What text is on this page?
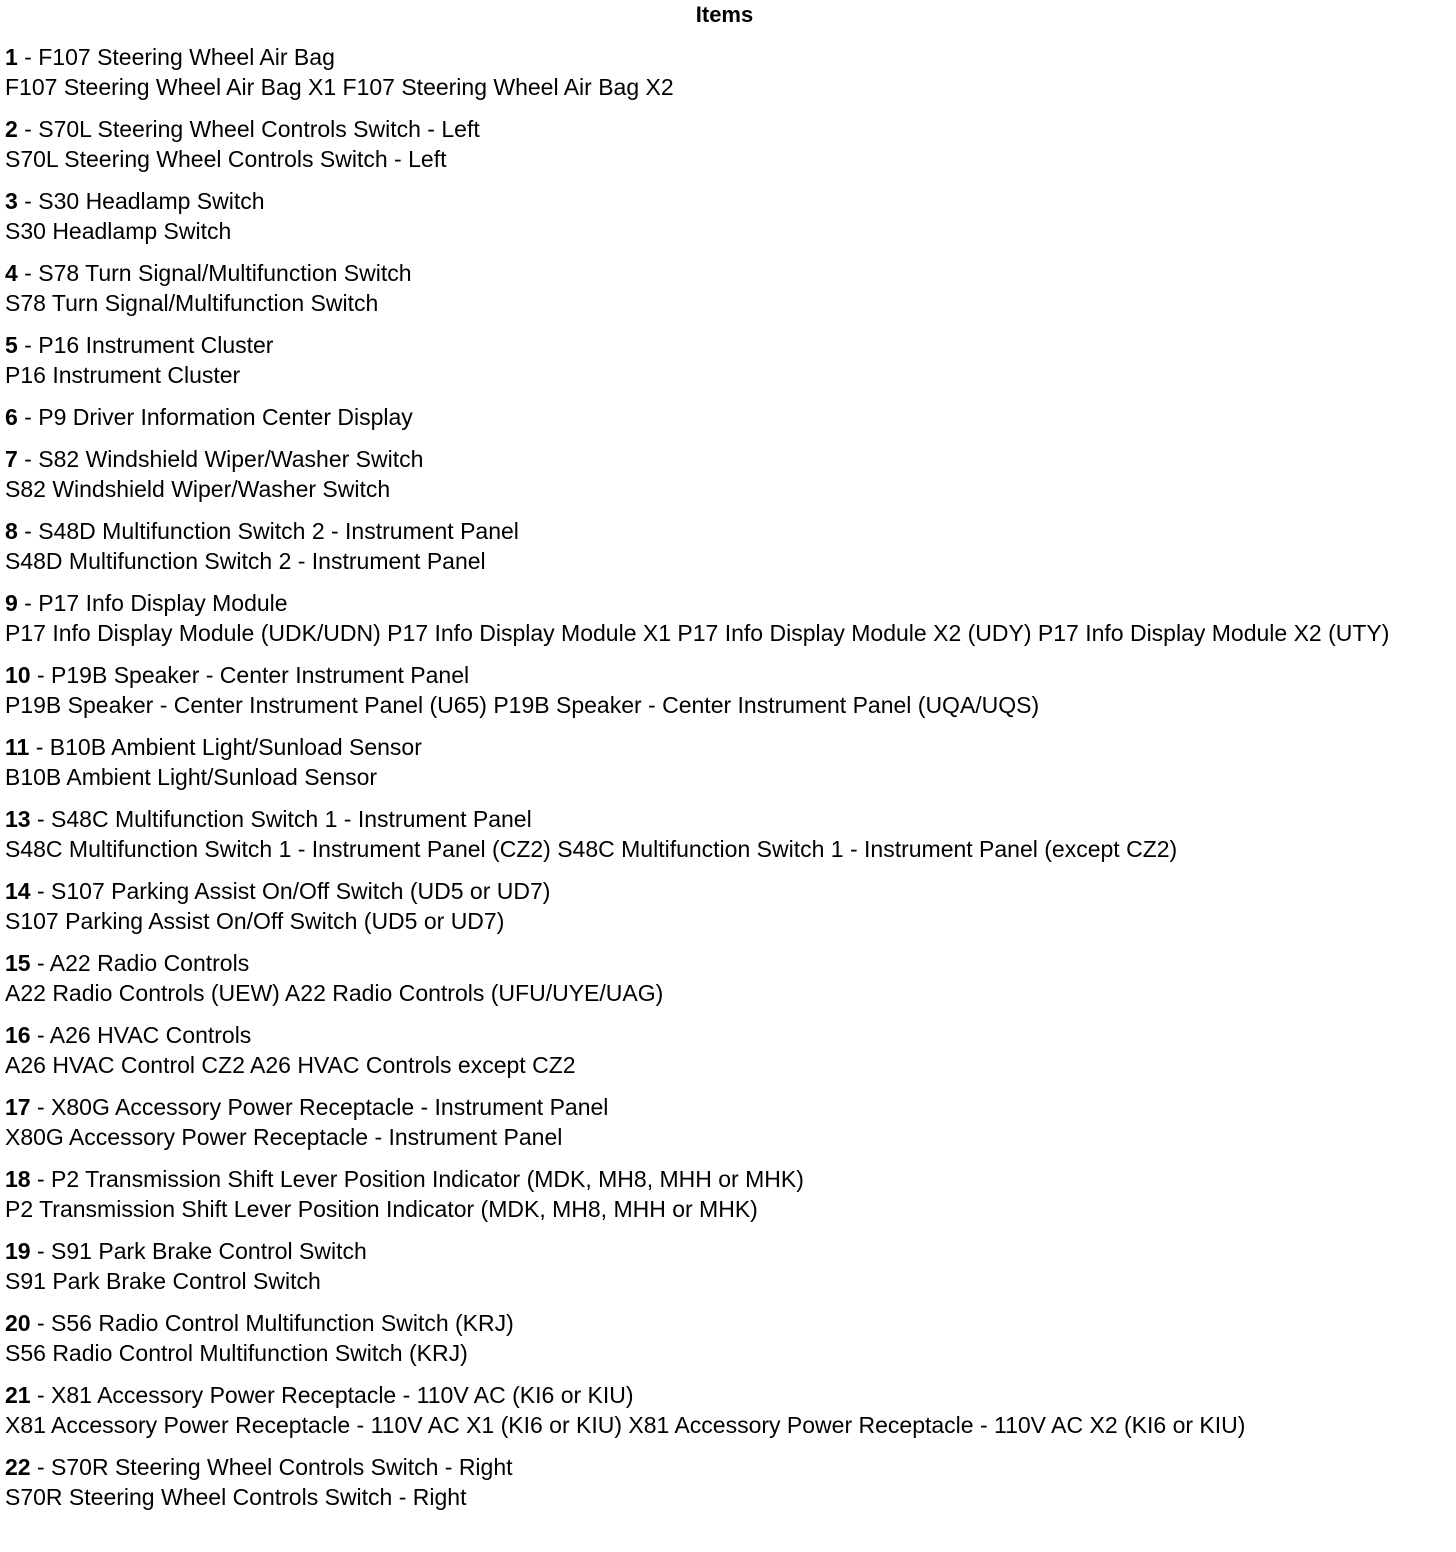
Items
1 - F107 Steering Wheel Air Bag
F107 Steering Wheel Air Bag X1 F107 Steering Wheel Air Bag X2
2 - S70L Steering Wheel Controls Switch - Left
S70L Steering Wheel Controls Switch - Left
3 - S30 Headlamp Switch
S30 Headlamp Switch
4 - S78 Turn Signal/Multifunction Switch
S78 Turn Signal/Multifunction Switch
5 - P16 Instrument Cluster
P16 Instrument Cluster
6 - P9 Driver Information Center Display
7 - S82 Windshield Wiper/Washer Switch
S82 Windshield Wiper/Washer Switch
8 - S48D Multifunction Switch 2 - Instrument Panel
S48D Multifunction Switch 2 - Instrument Panel
9 - P17 Info Display Module
P17 Info Display Module (UDK/UDN) P17 Info Display Module X1 P17 Info Display Module X2 (UDY) P17 Info Display Module X2 (UTY)
10 - P19B Speaker - Center Instrument Panel
P19B Speaker - Center Instrument Panel (U65) P19B Speaker - Center Instrument Panel (UQA/UQS)
11 - B10B Ambient Light/Sunload Sensor
B10B Ambient Light/Sunload Sensor
13 - S48C Multifunction Switch 1 - Instrument Panel
S48C Multifunction Switch 1 - Instrument Panel (CZ2) S48C Multifunction Switch 1 - Instrument Panel (except CZ2)
14 - S107 Parking Assist On/Off Switch (UD5 or UD7)
S107 Parking Assist On/Off Switch (UD5 or UD7)
15 - A22 Radio Controls
A22 Radio Controls (UEW) A22 Radio Controls (UFU/UYE/UAG)
16 - A26 HVAC Controls
A26 HVAC Control CZ2 A26 HVAC Controls except CZ2
17 - X80G Accessory Power Receptacle - Instrument Panel
X80G Accessory Power Receptacle - Instrument Panel
18 - P2 Transmission Shift Lever Position Indicator (MDK, MH8, MHH or MHK)
P2 Transmission Shift Lever Position Indicator (MDK, MH8, MHH or MHK)
19 - S91 Park Brake Control Switch
S91 Park Brake Control Switch
20 - S56 Radio Control Multifunction Switch (KRJ)
S56 Radio Control Multifunction Switch (KRJ)
21 - X81 Accessory Power Receptacle - 110V AC (KI6 or KIU)
X81 Accessory Power Receptacle - 110V AC X1 (KI6 or KIU) X81 Accessory Power Receptacle - 110V AC X2 (KI6 or KIU)
22 - S70R Steering Wheel Controls Switch - Right
S70R Steering Wheel Controls Switch - Right
